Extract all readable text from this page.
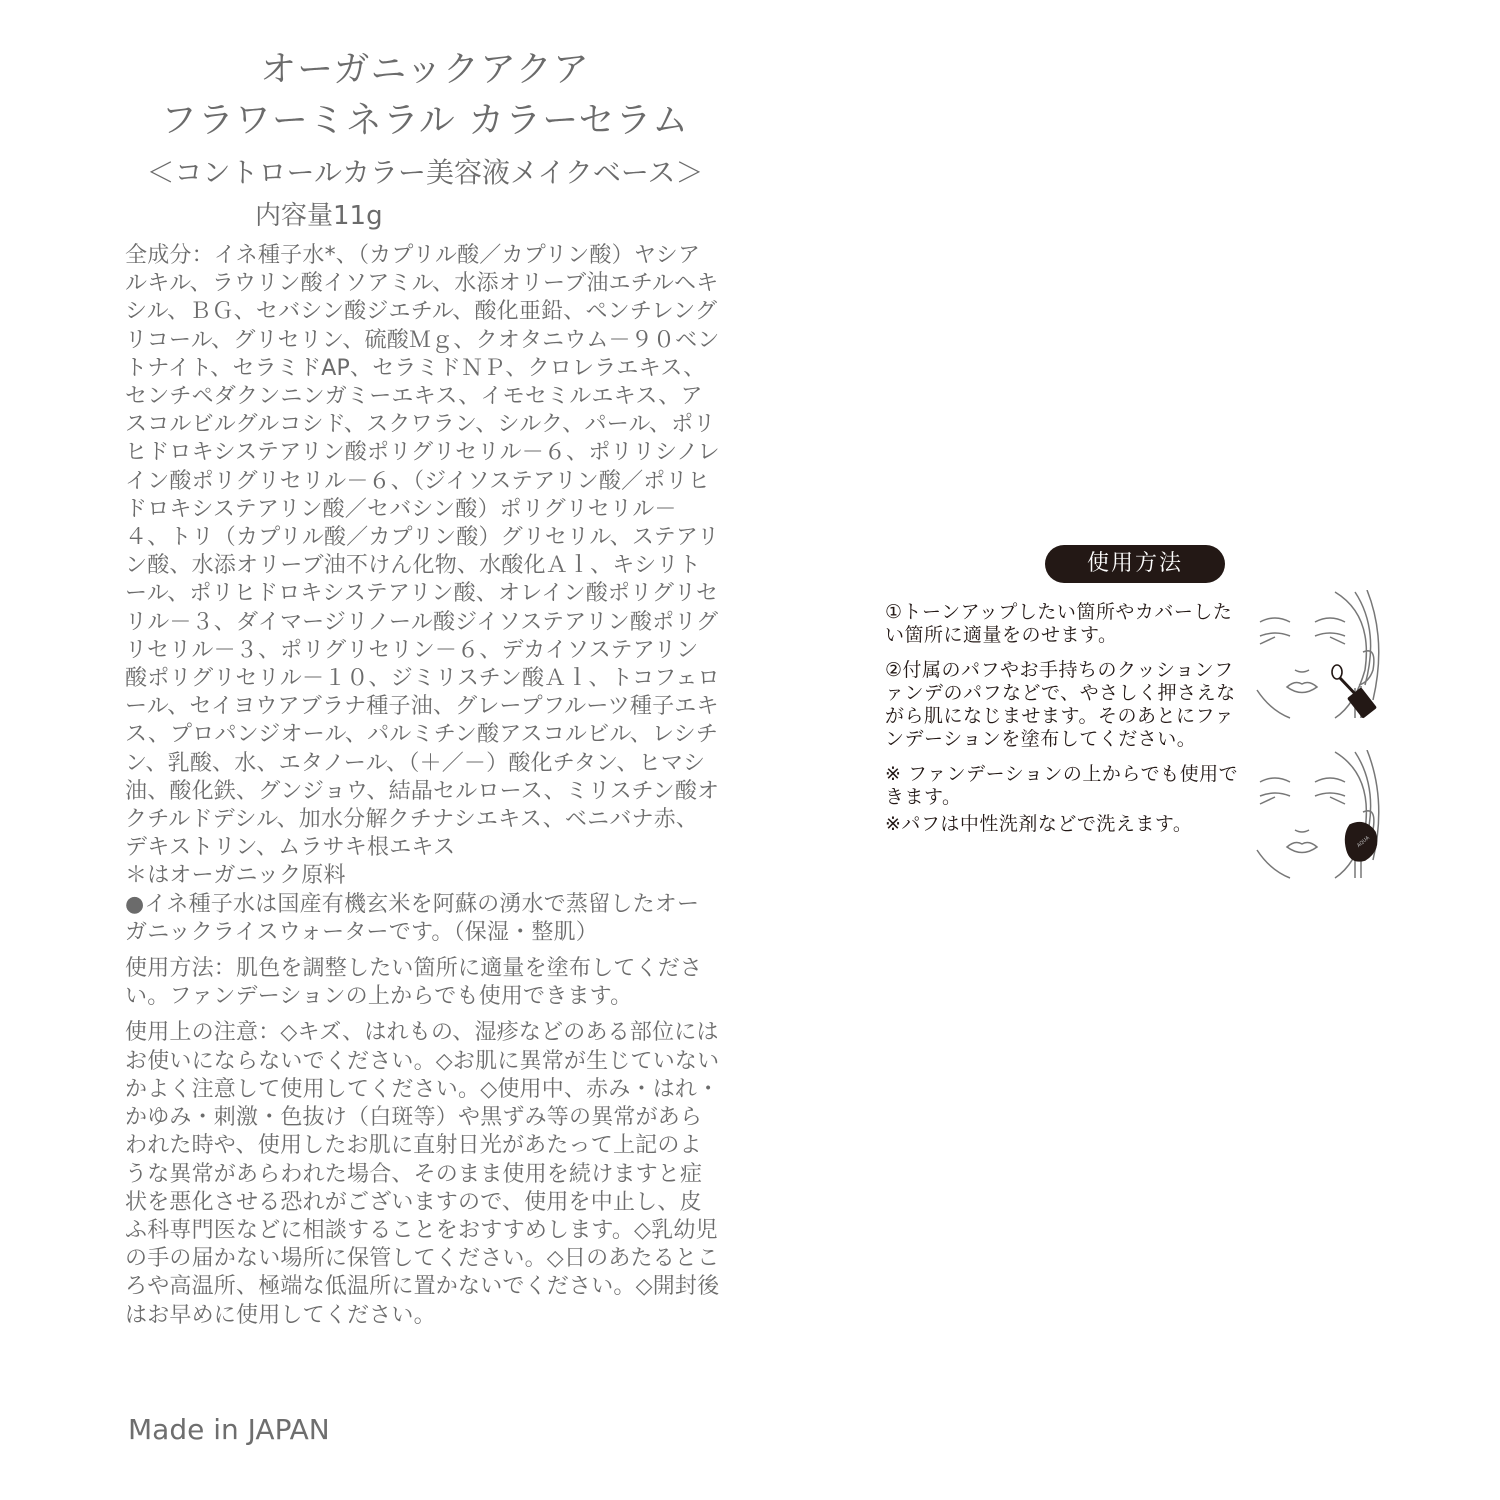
オーガニックアクア
フラワーミネラル カラーセラム
＜コントロールカラー美容液メイクベース＞
内容量11g

全成分：イネ種子水*、（カプリル酸／カプリン酸）ヤシアルキル、ラウリン酸イソアミル、水添オリーブ油エチルヘキシル、ＢＧ、セバシン酸ジエチル、酸化亜鉛、ペンチレングリコール、グリセリン、硫酸Ｍｇ、クオタニウム－９０ベントナイト、セラミドAP、セラミドＮＰ、クロレラエキス、センチペダクンニンガミーエキス、イモセミルエキス、アスコルビルグルコシド、スクワラン、シルク、パール、ポリヒドロキシステアリン酸ポリグリセリル－６、ポリリシノレイン酸ポリグリセリル－６、（ジイソステアリン酸／ポリヒドロキシステアリン酸／セバシン酸）ポリグリセリル－４、トリ（カプリル酸／カプリン酸）グリセリル、ステアリン酸、水添オリーブ油不けん化物、水酸化Ａｌ、キシリトール、ポリヒドロキシステアリン酸、オレイン酸ポリグリセリル－３、ダイマージリノール酸ジイソステアリン酸ポリグリセリル－３、ポリグリセリン－６、デカイソステアリン酸ポリグリセリル－１０、ジミリスチン酸Ａｌ、トコフェロール、セイヨウアブラナ種子油、グレープフルーツ種子エキス、プロパンジオール、パルミチン酸アスコルビル、レシチン、乳酸、水、エタノール、（＋／－）酸化チタン、ヒマシ油、酸化鉄、グンジョウ、結晶セルロース、ミリスチン酸オクチルドデシル、加水分解クチナシエキス、ベニバナ赤、デキストリン、ムラサキ根エキス

＊はオーガニック原料

●イネ種子水は国産有機玄米を阿蘇の湧水で蒸留したオーガニックライスウォーターです。（保湿・整肌）

使用方法：肌色を調整したい箇所に適量を塗布してください。ファンデーションの上からでも使用できます。

使用上の注意：◇キズ、はれもの、湿疹などのある部位にはお使いにならないでください。◇お肌に異常が生じていないかよく注意して使用してください。◇使用中、赤み・はれ・かゆみ・刺激・色抜け（白斑等）や黒ずみ等の異常があらわれた時や、使用したお肌に直射日光があたって上記のような異常があらわれた場合、そのまま使用を続けますと症状を悪化させる恐れがございますので、使用を中止し、皮ふ科専門医などに相談することをおすすめします。◇乳幼児の手の届かない場所に保管してください。◇日のあたるところや高温所、極端な低温所に置かないでください。◇開封後はお早めに使用してください。

Made in JAPAN
使用方法

①トーンアップしたい箇所やカバーしたい箇所に適量をのせます。

②付属のパフやお手持ちのクッションファンデのパフなどで、やさしく押さえながら肌になじませます。そのあとにファンデーションを塗布してください。

※ ファンデーションの上からでも使用できます。

※パフは中性洗剤などで洗えます。

AQUA
